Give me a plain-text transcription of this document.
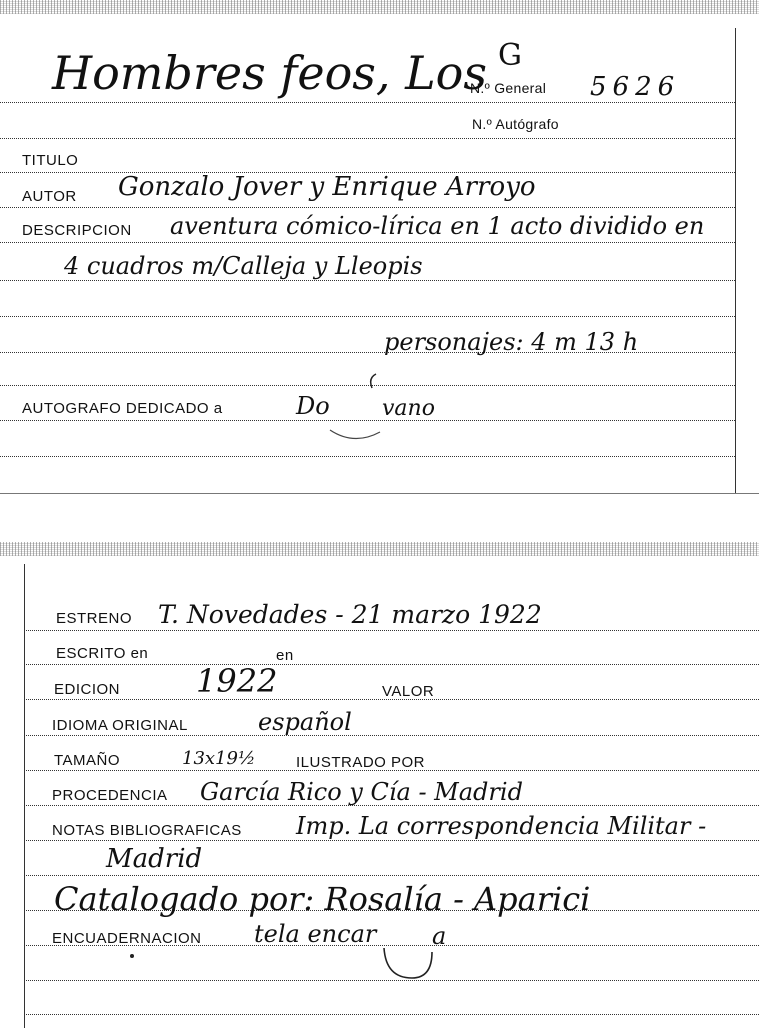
Hombres feos, Los G
N.º General 5626
N.º Autógrafo
TITULO
AUTOR Gonzalo Jover y Enrique Arroyo
DESCRIPCION aventura cómico-lírica en 1 acto dividido en
4 cuadros m/Calleja y Lleopis
personajes: 4 m 13 h
AUTOGRAFO DEDICADO a	Do vano
ESTRENO T. Novedades - 21 marzo 1922
ESCRITO en	en
EDICION 1922	VALOR
IDIOMA ORIGINAL	español
TAMAÑO	13x19½	ILUSTRADO POR
PROCEDENCIA García Rico y Cía - Madrid
NOTAS BIBLIOGRAFICAS Imp. La correspondencia Militar -
Madrid
Catalogado por: Rosalía - Aparici
ENCUADERNACION tela encar a
